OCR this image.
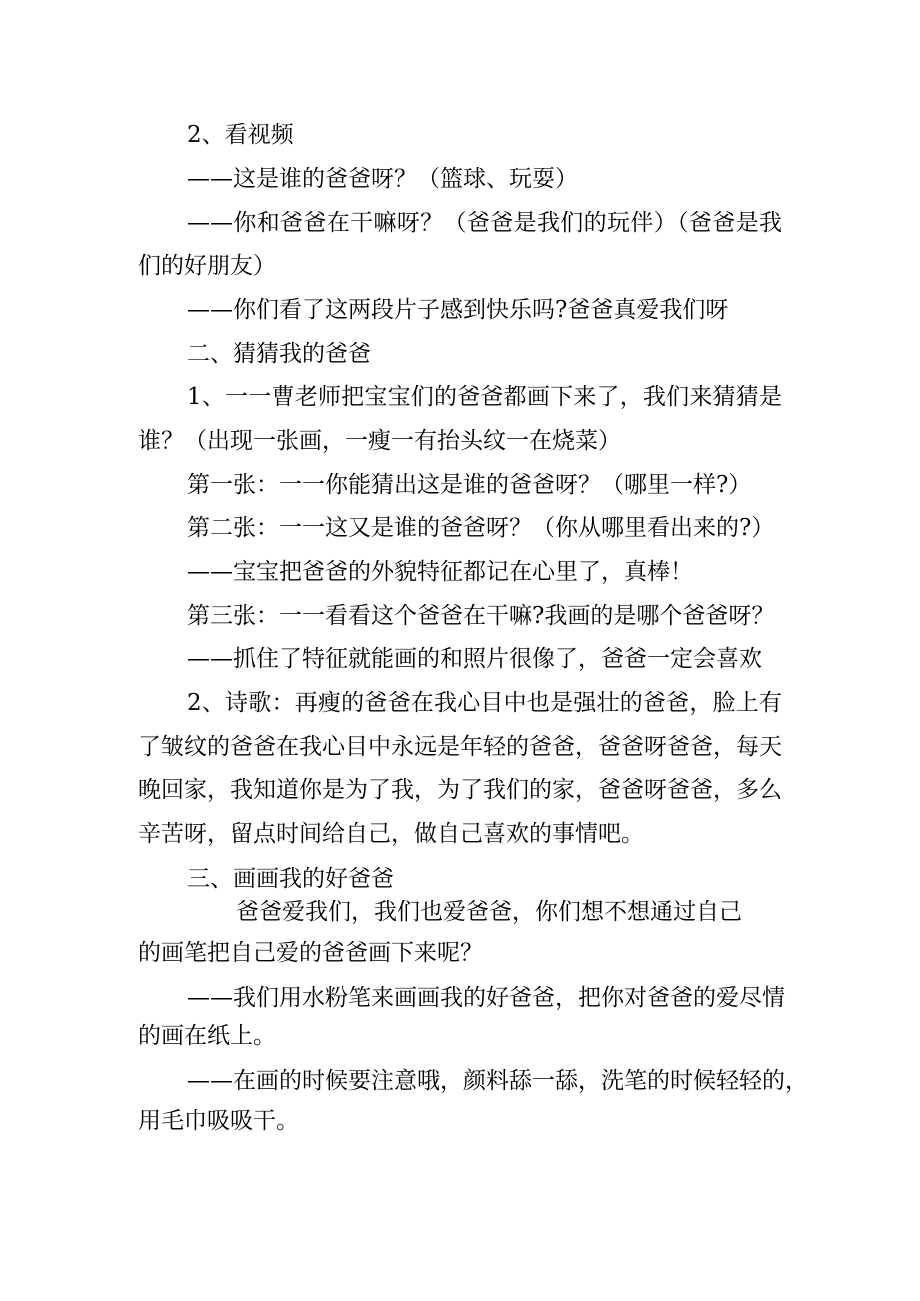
2、看视频
——这是谁的爸爸呀？（篮球、玩耍）
——你和爸爸在干嘛呀？（爸爸是我们的玩伴）（爸爸是我
们的好朋友）
——你们看了这两段片子感到快乐吗?爸爸真爱我们呀
二、猜猜我的爸爸
1、一一曹老师把宝宝们的爸爸都画下来了，我们来猜猜是
谁？（出现一张画，一瘦一有抬头纹一在烧菜）
第一张：一一你能猜出这是谁的爸爸呀？（哪里一样?）
第二张：一一这又是谁的爸爸呀？（你从哪里看出来的?）
——宝宝把爸爸的外貌特征都记在心里了，真棒！
第三张：一一看看这个爸爸在干嘛?我画的是哪个爸爸呀？
——抓住了特征就能画的和照片很像了，爸爸一定会喜欢
2、诗歌：再瘦的爸爸在我心目中也是强壮的爸爸，脸上有
了皱纹的爸爸在我心目中永远是年轻的爸爸，爸爸呀爸爸，每天
晚回家，我知道你是为了我，为了我们的家，爸爸呀爸爸，多么
辛苦呀，留点时间给自己，做自己喜欢的事情吧。
三、画画我的好爸爸
爸爸爱我们，我们也爱爸爸，你们想不想通过自己
的画笔把自己爱的爸爸画下来呢？
——我们用水粉笔来画画我的好爸爸，把你对爸爸的爱尽情
的画在纸上。
——在画的时候要注意哦，颜料舔一舔，洗笔的时候轻轻的，
用毛巾吸吸干。
